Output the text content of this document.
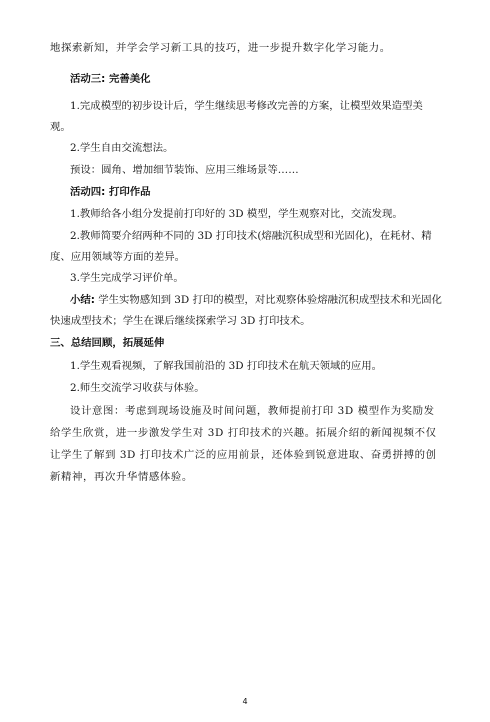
地探索新知，并学会学习新工具的技巧，进一步提升数字化学习能力。

活动三: 完善美化

1.完成模型的初步设计后，学生继续思考修改完善的方案，让模型效果造型美观。

2.学生自由交流想法。

预设：圆角、增加细节装饰、应用三维场景等……

活动四: 打印作品

1.教师给各小组分发提前打印好的 3D 模型，学生观察对比，交流发现。

2.教师简要介绍两种不同的 3D 打印技术(熔融沉积成型和光固化)，在耗材、精度、应用领域等方面的差异。

3.学生完成学习评价单。

小结: 学生实物感知到 3D 打印的模型，对比观察体验熔融沉积成型技术和光固化快速成型技术；学生在课后继续探索学习 3D 打印技术。

三、总结回顾，拓展延伸

1.学生观看视频，了解我国前沿的 3D 打印技术在航天领域的应用。

2.师生交流学习收获与体验。

设计意图：考虑到现场设施及时间问题，教师提前打印 3D 模型作为奖励发给学生欣赏，进一步激发学生对 3D 打印技术的兴趣。拓展介绍的新闻视频不仅让学生了解到 3D 打印技术广泛的应用前景，还体验到锐意进取、奋勇拼搏的创新精神，再次升华情感体验。

4
